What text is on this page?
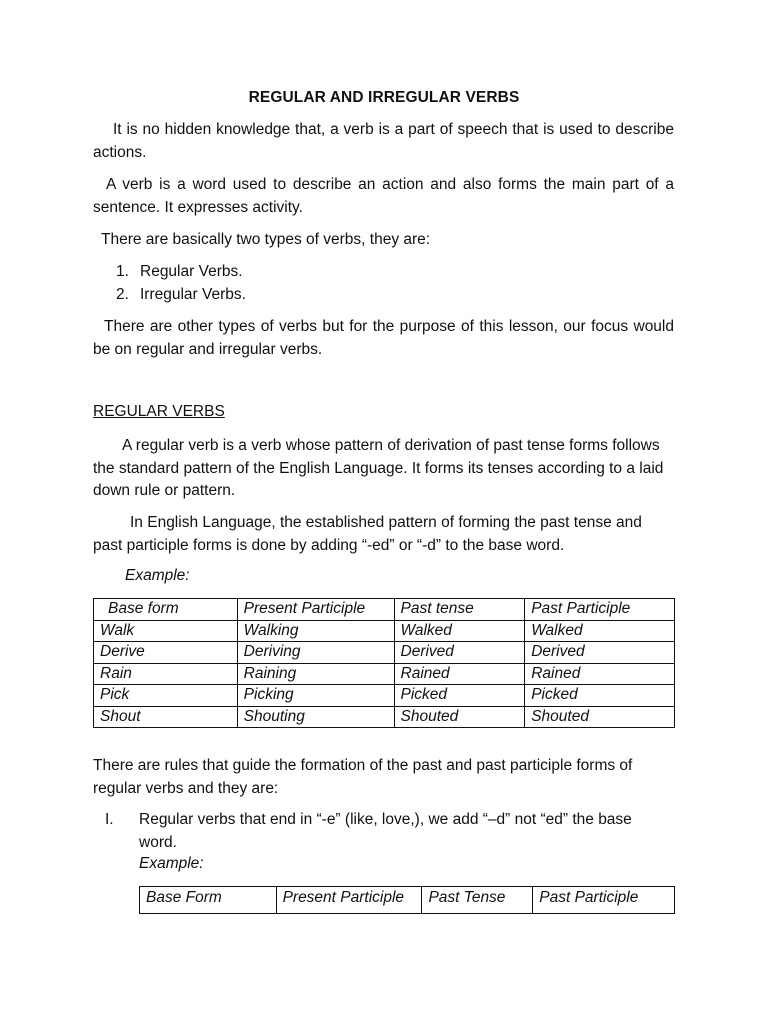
REGULAR AND IRREGULAR VERBS

It is no hidden knowledge that, a verb is a part of speech that is used to describe actions.

A verb is a word used to describe an action and also forms the main part of a sentence. It expresses activity.

There are basically two types of verbs, they are:

1. Regular Verbs.
2. Irregular Verbs.

There are other types of verbs but for the purpose of this lesson, our focus would be on regular and irregular verbs.

REGULAR VERBS

A regular verb is a verb whose pattern of derivation of past tense forms follows the standard pattern of the English Language. It forms its tenses according to a laid down rule or pattern.

In English Language, the established pattern of forming the past tense and past participle forms is done by adding “-ed” or “-d” to the base word.

Example:
Base form	Present Participle	Past tense	Past Participle
Walk	Walking	Walked	Walked
Derive	Deriving	Derived	Derived
Rain	Raining	Rained	Rained
Pick	Picking	Picked	Picked
Shout	Shouting	Shouted	Shouted

There are rules that guide the formation of the past and past participle forms of regular verbs and they are:

I. Regular verbs that end in “-e” (like, love,), we add “–d” not “ed” the base word.
Example:
Base Form	Present Participle	Past Tense	Past Participle
